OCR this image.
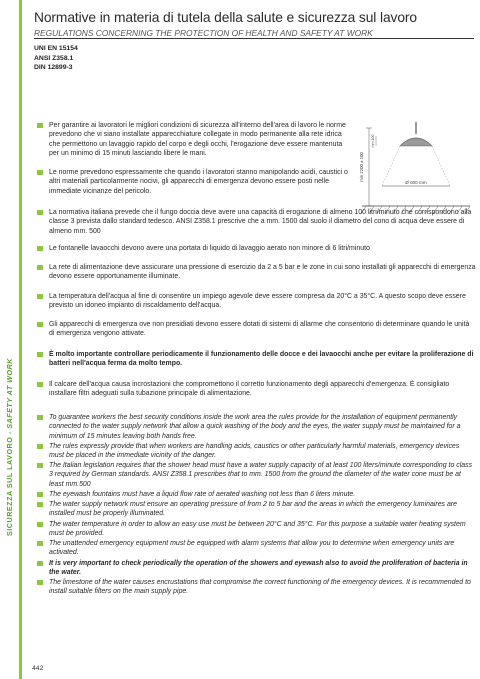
SICUREZZA SUL LAVORO - SAFETY AT WORK
Normative in materia di tutela della salute e sicurezza sul lavoro
REGULATIONS CONCERNING THE PROTECTION OF HEALTH AND SAFETY AT WORK
UNI EN 15154
ANSI Z358.1
DIN 12899-3
min 2200 ± 100
mm 100
Ø 600 mm

Per garantire ai lavoratori le migliori condizioni di sicurezza all'interno dell'area di lavoro le norme prevedono che vi siano installate apparecchiature collegate in modo permanente alla rete idrica che permettono un lavaggio rapido del corpo e degli occhi, l'erogazione deve essere mantenuta per un minimo di 15 minuti lasciando libere le mani.

Le norme prevedono espressamente che quando i lavoratori stanno manipolando acidi, caustici o altri materiali particolarmente nocivi, gli apparecchi di emergenza devono essere posti nelle immediate vicinanze del pericolo.

La normativa italiana prevede che il fungo doccia deve avere una capacità di erogazione di almeno 100 litri/minuto che corrispondono alla classe 3 prevista dallo standard tedesco. ANSI Z358.1 prescrive che a mm. 1500 dal suolo il diametro del cono di acqua deve essere di almeno mm. 500

Le fontanelle lavaocchi devono avere una portata di liquido di lavaggio aerato non minore di 6 litri/minuto

La rete di alimentazione deve assicurare una pressione di esercizio da 2 a 5 bar e le zone in cui sono installati gli apparecchi di emergenza devono essere opportunamente illuminate.

La temperatura dell'acqua al fine di consentire un impiego agevole deve essere compresa da 20°C a 35°C. A questo scopo deve essere previsto un idoneo impianto di riscaldamento dell'acqua.

Gli apparecchi di emergenza ove non presidiati devono essere dotati di sistemi di allarme che consentono di determinare quando le unità di emergenza vengono attivate.

È molto importante controllare periodicamente il funzionamento delle docce e dei lavaocchi anche per evitare la proliferazione di batteri nell'acqua ferma da molto tempo.

Il calcare dell'acqua causa incrostazioni che compromettono il corretto funzionamento degli apparecchi d'emergenza. È consigliato installare filtri adeguati sulla tubazione principale di alimentazione.

To guarantee workers the best security conditions inside the work area the rules provide for the installation of equipment permanently connected to the water supply network that allow a quick washing of the body and the eyes, the water supply must be maintained for a minimum of 15 minutes leaving both hands free.

The rules expressly provide that when workers are handling acids, caustics or other particularly harmful materials, emergency devices must be placed in the immediate vicinity of the danger.

The Italian legislation requires that the shower head must have a water supply capacity of at least 100 liters/minute corresponding to class 3 required by German standards. ANSI Z358.1 prescribes that to mm. 1500 from the ground the diameter of the water cone must be at least mm.500

The eyewash fountains must have a liquid flow rate of aerated washing not less than 6 liters minute.

The water supply network must ensure an operating pressure of from 2 to 5 bar and the areas in which the emergency luminaires are installed must be properly illuminated.

The water temperature in order to allow an easy use must be between 20°C and 35°C. For this purpose a suitable water heating system must be provided.

The unattended emergency equipment must be equipped with alarm systems that allow you to determine when emergency units are activated.

It is very important to check periodically the operation of the showers and eyewash also to avoid the proliferation of bacteria in the water.

The limestone of the water causes encrustations that compromise the correct functioning of the emergency devices. It is recommended to install suitable filters on the main supply pipe.

442
